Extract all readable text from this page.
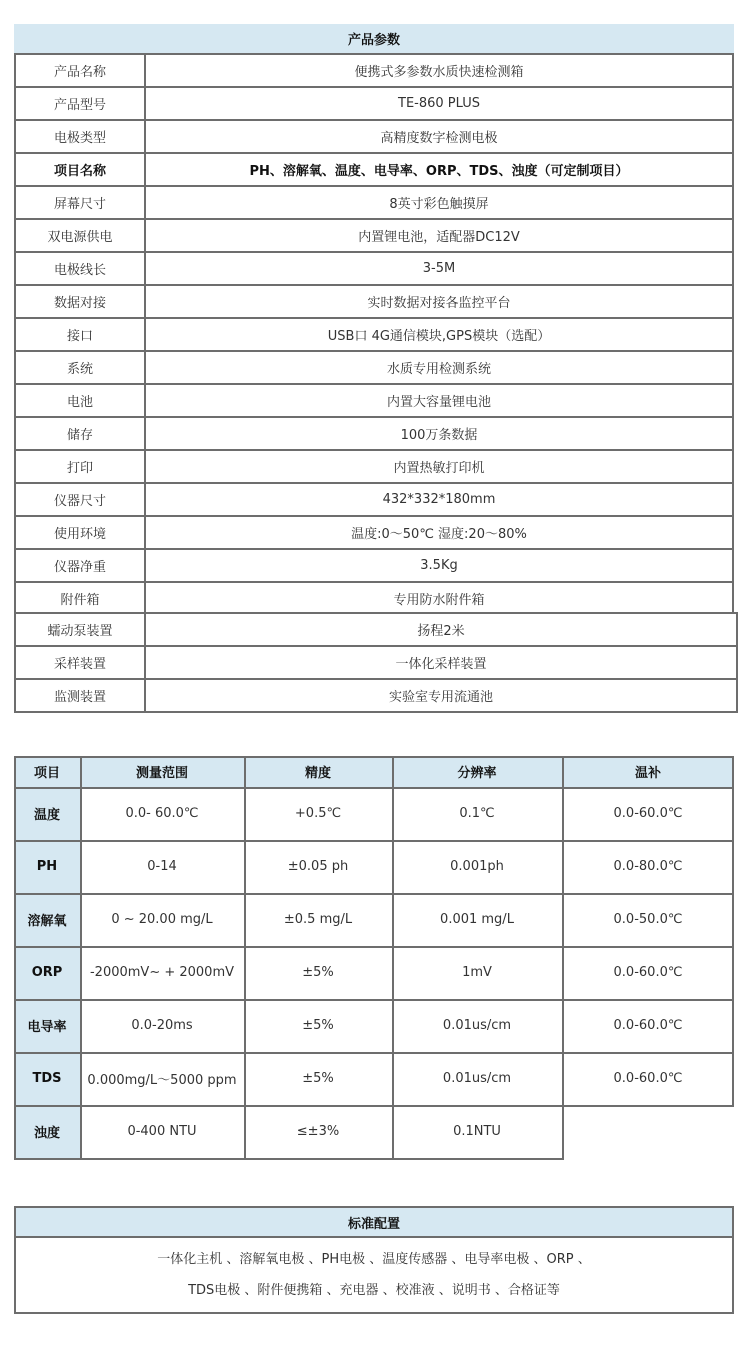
产品参数
产品名称	便携式多参数水质快速检测箱
产品型号	TE-860 PLUS
电极类型	高精度数字检测电极
项目名称	PH、溶解氧、温度、电导率、ORP、TDS、浊度（可定制项目）
屏幕尺寸	8英寸彩色触摸屏
双电源供电	内置锂电池，适配器DC12V
电极线长	3-5M
数据对接	实时数据对接各监控平台
接口	USB口 4G通信模块,GPS模块（选配）
系统	水质专用检测系统
电池	内置大容量锂电池
储存	100万条数据
打印	内置热敏打印机
仪器尺寸	432*332*180mm
使用环境	温度:0～50℃ 湿度:20～80%
仪器净重	3.5Kg
附件箱	专用防水附件箱
蠕动泵装置	扬程2米
采样装置	一体化采样装置
监测装置	实验室专用流通池
项目	测量范围	精度	分辨率	温补
温度	0.0- 60.0℃	+0.5℃	0.1℃	0.0-60.0℃
PH	0-14	±0.05 ph	0.001ph	0.0-80.0℃
溶解氧	0 ~ 20.00 mg/L	±0.5 mg/L	0.001 mg/L	0.0-50.0℃
ORP	-2000mV~ + 2000mV	±5%	1mV	0.0-60.0℃
电导率	0.0-20ms	±5%	0.01us/cm	0.0-60.0℃
TDS	0.000mg/L～5000 ppm	±5%	0.01us/cm	0.0-60.0℃
浊度	0-400 NTU	≤±3%	0.1NTU
标准配置
一体化主机 、溶解氧电极 、PH电极 、温度传感器 、电导率电极 、ORP 、
TDS电极 、附件便携箱 、充电器 、校准液 、说明书 、合格证等
